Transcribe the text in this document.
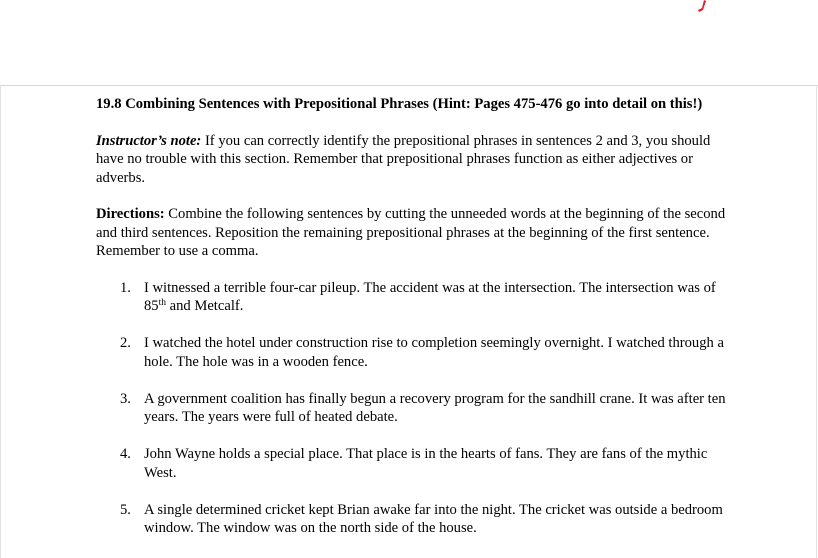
19.8 Combining Sentences with Prepositional Phrases (Hint: Pages 475-476 go into detail on this!)

Instructor’s note: If you can correctly identify the prepositional phrases in sentences 2 and 3, you should have no trouble with this section. Remember that prepositional phrases function as either adjectives or adverbs.

Directions: Combine the following sentences by cutting the unneeded words at the beginning of the second and third sentences. Reposition the remaining prepositional phrases at the beginning of the first sentence. Remember to use a comma.

1. I witnessed a terrible four-car pileup. The accident was at the intersection. The intersection was of 85th and Metcalf.
2. I watched the hotel under construction rise to completion seemingly overnight. I watched through a hole. The hole was in a wooden fence.
3. A government coalition has finally begun a recovery program for the sandhill crane. It was after ten years. The years were full of heated debate.
4. John Wayne holds a special place. That place is in the hearts of fans. They are fans of the mythic West.
5. A single determined cricket kept Brian awake far into the night. The cricket was outside a bedroom window. The window was on the north side of the house.
